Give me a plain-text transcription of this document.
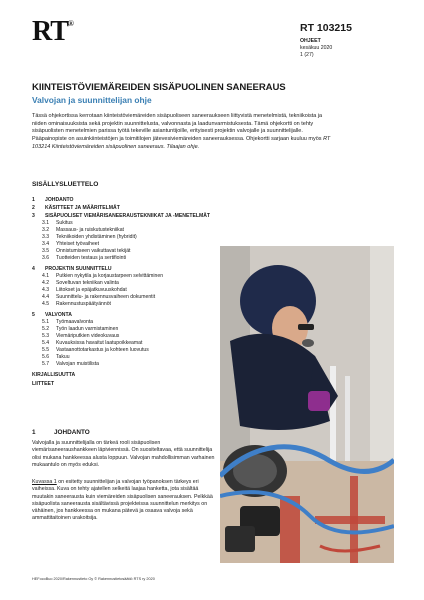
RT®	RT 103215
OHJEET
kesäkuu 2020
1 (27)
KIINTEISTÖVIEMÄREIDEN SISÄPUOLINEN SANEERAUS
Valvojan ja suunnittelijan ohje
Tässä ohjekortissa kerrotaan kiinteistöviemäreiden sisäpuoliseen saneeraukseen liittyvistä menetelmistä, tekniikoista ja niiden ominaisuuksista sekä projektin suunnittelusta, valvonnasta ja laadunvarmistuksesta. Tämä ohjekortti on tehty sisäpuolisten menetelmien parissa työtä tekeville asiantuntijoille, erityisesti projektin valvojalle ja suunnittelijalle. Pääpainopiste on asuinkiinteistöjen ja toimitilojen jätevesiviemäreiden saneerauksessa. Ohjekortti sarjaan kuuluu myös RT 103214 Kiinteistöviemäreiden sisäpuolinen saneeraus. Tilaajan ohje.
SISÄLLYSLUETTELO
1	JOHDANTO
2	KÄSITTEET JA MÄÄRITELMÄT
3	SISÄPUOLISET VIEMÄRISANEERAUSTEKNIIKAT JA -MENETELMÄT
3.1	Sukitus
3.2	Massaus- ja ruiskutustekniikat
3.3	Tekniikoiden yhdistäminen (hybridit)
3.4	Yhteiset työvaiheet
3.5	Onnistumiseen vaikuttavat tekijät
3.6	Tuotteiden testaus ja sertifiointi
4	PROJEKTIN SUUNNITTELU
4.1	Putkien nykytila ja korjaustarpeen selvittäminen
4.2	Soveltuvan tekniikan valinta
4.3	Liitokset ja epäjatkuvuuskohdat
4.4	Suunnittelu- ja rakennusvaiheen dokumentit
4.5	Rakennustuspäätyännöt
5	VALVONTA
5.1	Työmaavalvonta
5.2	Työn laadun varmistaminen
5.3	Viemäriputkien videokuvaus
5.4	Kuvauksissa havaitut laatupoikkeamat
5.5	Vastaanottotarkastus ja kohteen luovutus
5.6	Takuu
5.7	Valvojan muistilista
KIRJALLISUUTTA
LIITTEET
1	JOHDANTO
Valvojalla ja suunnittelijalla on tärkeä rooli sisäpuolisen viemärisaneeraushankkeen läpiviennissä. On suositeltavaa, että suunnittelija olisi mukana hankkeessa alusta loppuun. Valvojan mahdollisimman varhainen mukaantulo on myös eduksi.
Kuvassa 1 on esitetty suunnittelijan ja valvojan työpanoksen tärkeys eri vaiheissa. Kuva on tehty ajatellen selkeitä laajaa hanketta, jota sisältää muutakin saneerausta kuin viemäreiden sisäpuolisen saneerauksen. Pelkkää sisäpuolista saneerausta sisältävissä projekteissa suunnittelun merkitys on vähäinen, jos hankkeessa on mukana pätevä ja osaava valvoja sekä ammattitaitoinen urakoitsija.
HEFocoBuo 2020/Rakennustieto Oy © Rakennustietosäätiö RTS ry 2020
